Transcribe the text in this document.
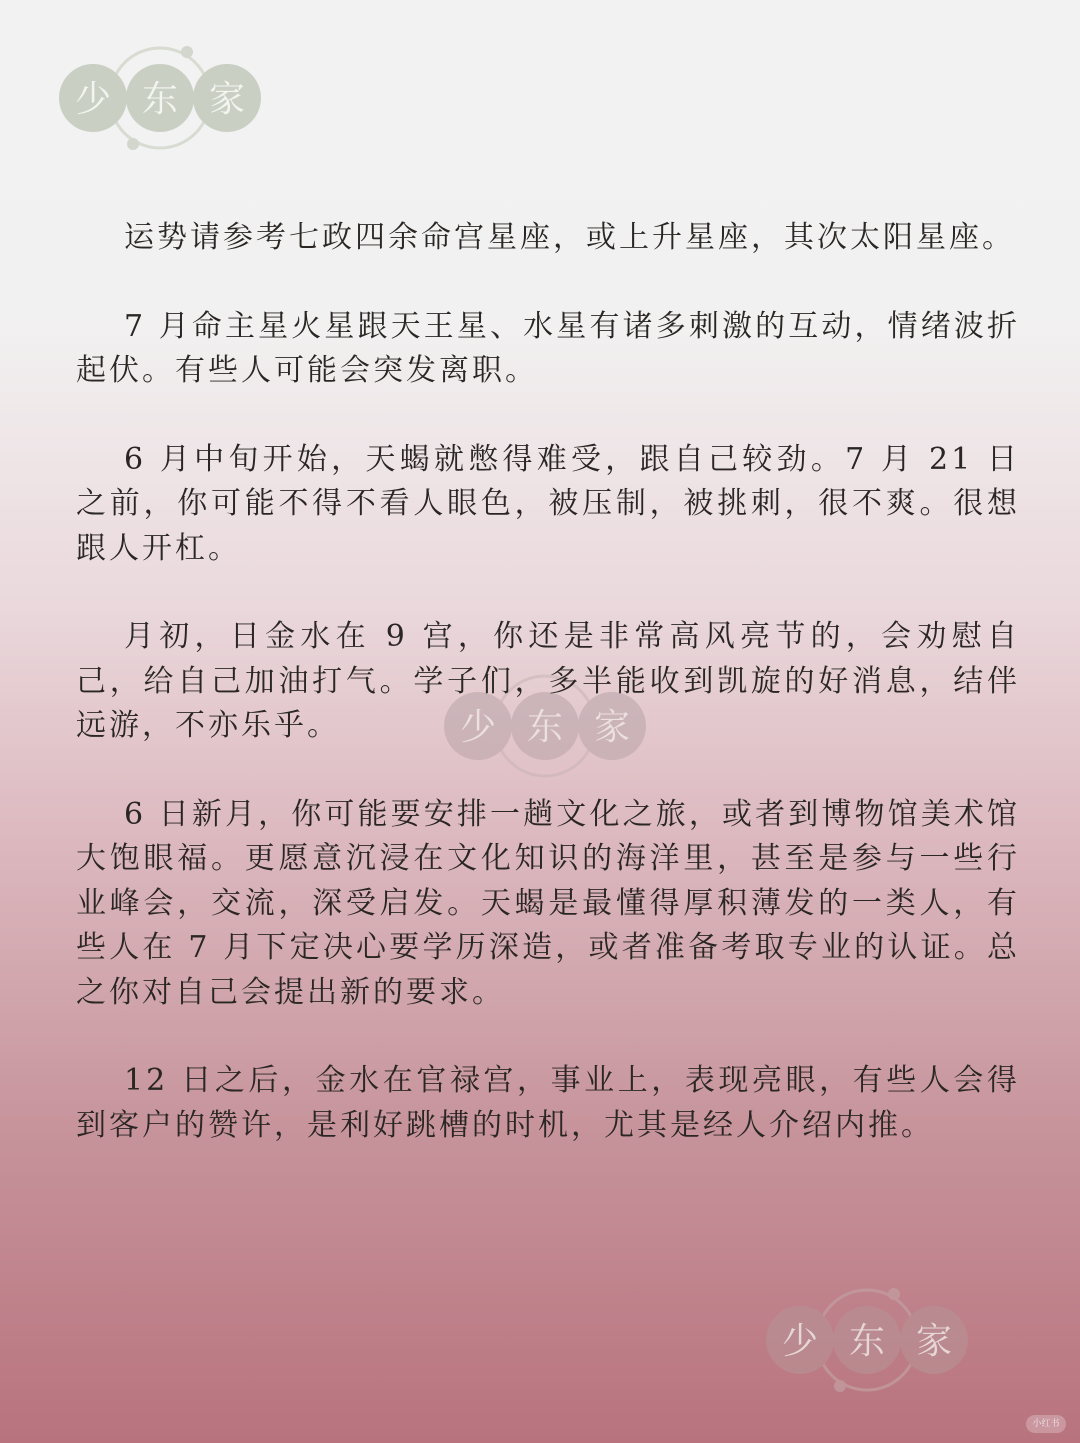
少 东 家
少 东 家
少 东 家

运势请参考七政四余命宫星座，或上升星座，其次太阳星座。

7 月命主星火星跟天王星、水星有诸多刺激的互动，情绪波折起伏。有些人可能会突发离职。

6 月中旬开始，天蝎就憋得难受，跟自己较劲。7 月 21 日之前，你可能不得不看人眼色，被压制，被挑刺，很不爽。很想跟人开杠。

月初，日金水在 9 宫，你还是非常高风亮节的，会劝慰自己，给自己加油打气。学子们，多半能收到凯旋的好消息，结伴远游，不亦乐乎。

6 日新月，你可能要安排一趟文化之旅，或者到博物馆美术馆大饱眼福。更愿意沉浸在文化知识的海洋里，甚至是参与一些行业峰会，交流，深受启发。天蝎是最懂得厚积薄发的一类人，有些人在 7 月下定决心要学历深造，或者准备考取专业的认证。总之你对自己会提出新的要求。

12 日之后，金水在官禄宫，事业上，表现亮眼，有些人会得到客户的赞许，是利好跳槽的时机，尤其是经人介绍内推。

小红书
